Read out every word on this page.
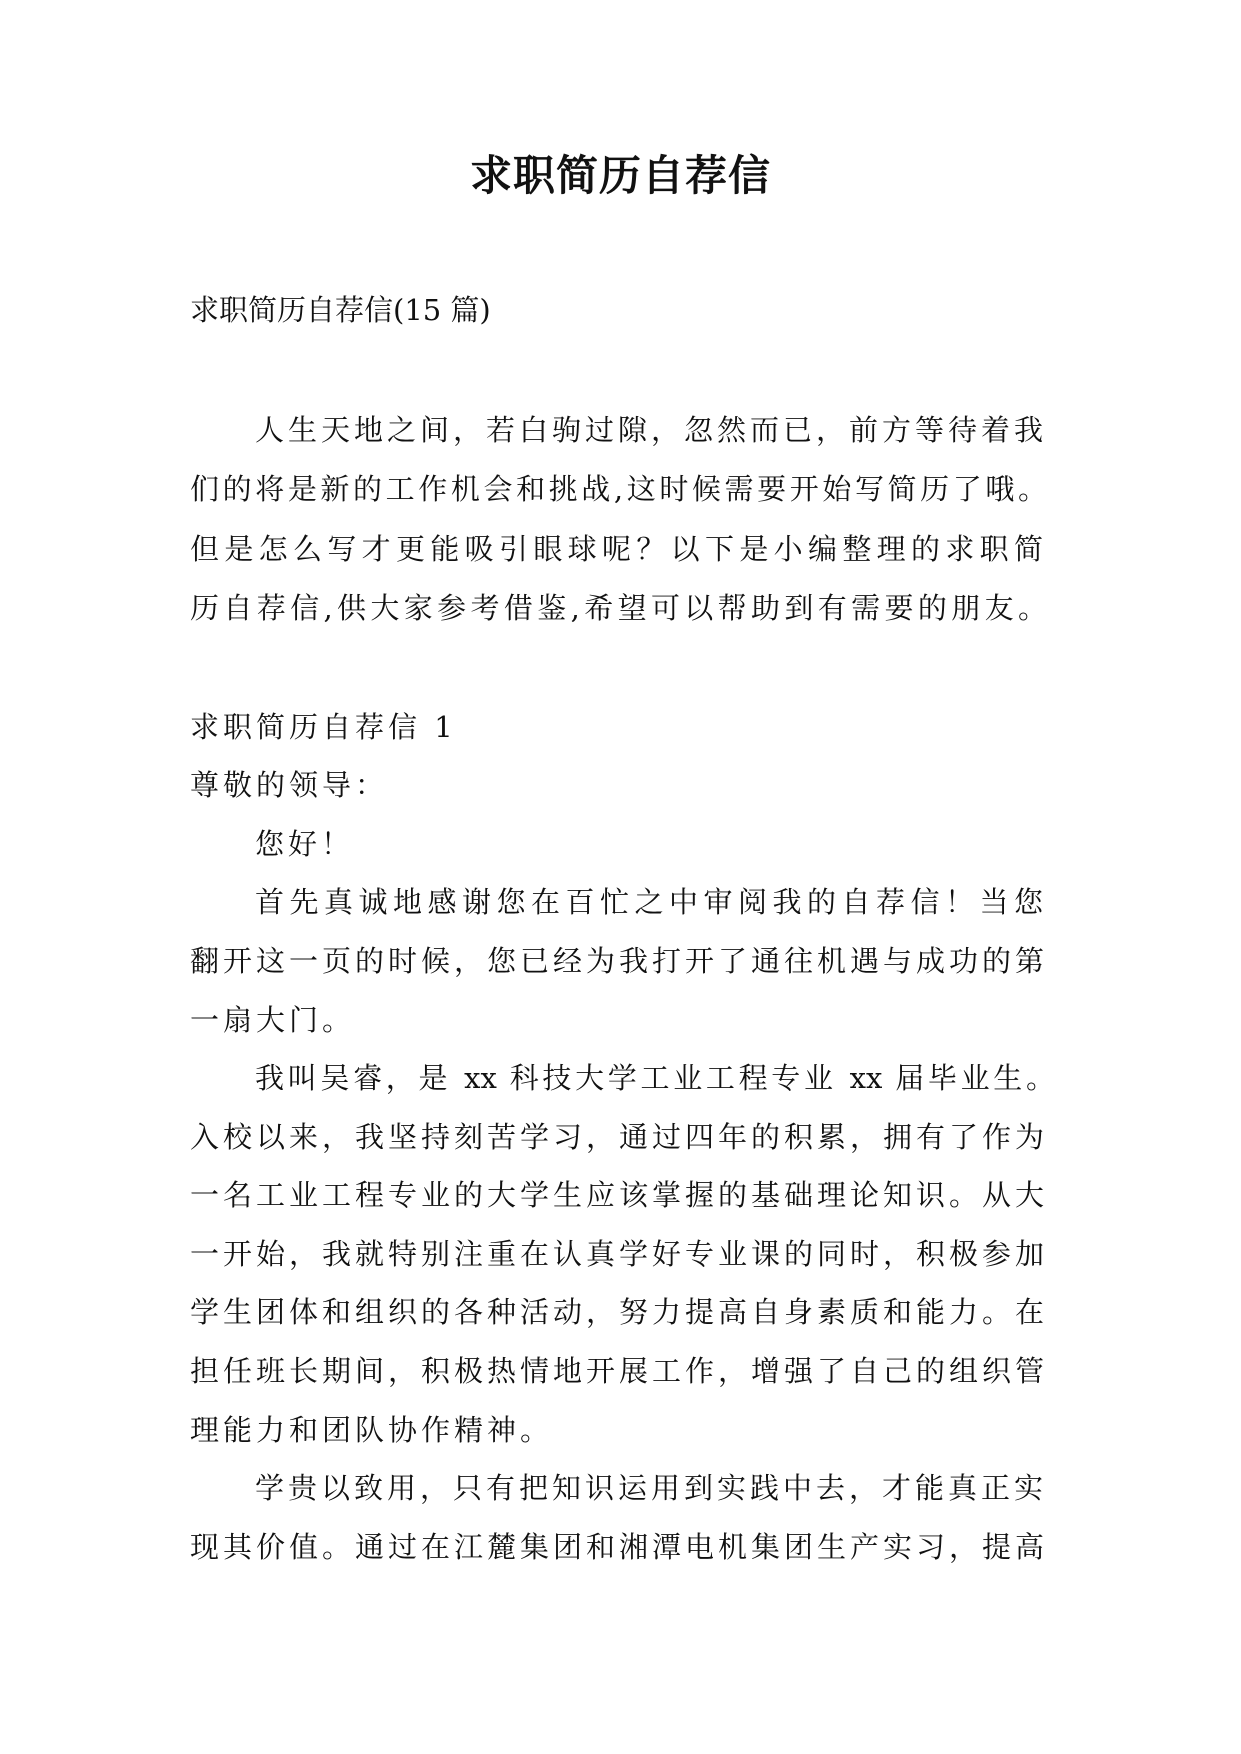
求职简历自荐信
求职简历自荐信(15 篇)
人生天地之间，若白驹过隙，忽然而已，前方等待着我
们的将是新的工作机会和挑战,这时候需要开始写简历了哦。
但是怎么写才更能吸引眼球呢？以下是小编整理的求职简
历自荐信,供大家参考借鉴,希望可以帮助到有需要的朋友。
求职简历自荐信 1
尊敬的领导：
您好！
首先真诚地感谢您在百忙之中审阅我的自荐信！当您
翻开这一页的时候，您已经为我打开了通往机遇与成功的第
一扇大门。
我叫吴睿，是 xx 科技大学工业工程专业 xx 届毕业生。
入校以来，我坚持刻苦学习，通过四年的积累，拥有了作为
一名工业工程专业的大学生应该掌握的基础理论知识。从大
一开始，我就特别注重在认真学好专业课的同时，积极参加
学生团体和组织的各种活动，努力提高自身素质和能力。在
担任班长期间，积极热情地开展工作，增强了自己的组织管
理能力和团队协作精神。
学贵以致用，只有把知识运用到实践中去，才能真正实
现其价值。通过在江麓集团和湘潭电机集团生产实习，提高
